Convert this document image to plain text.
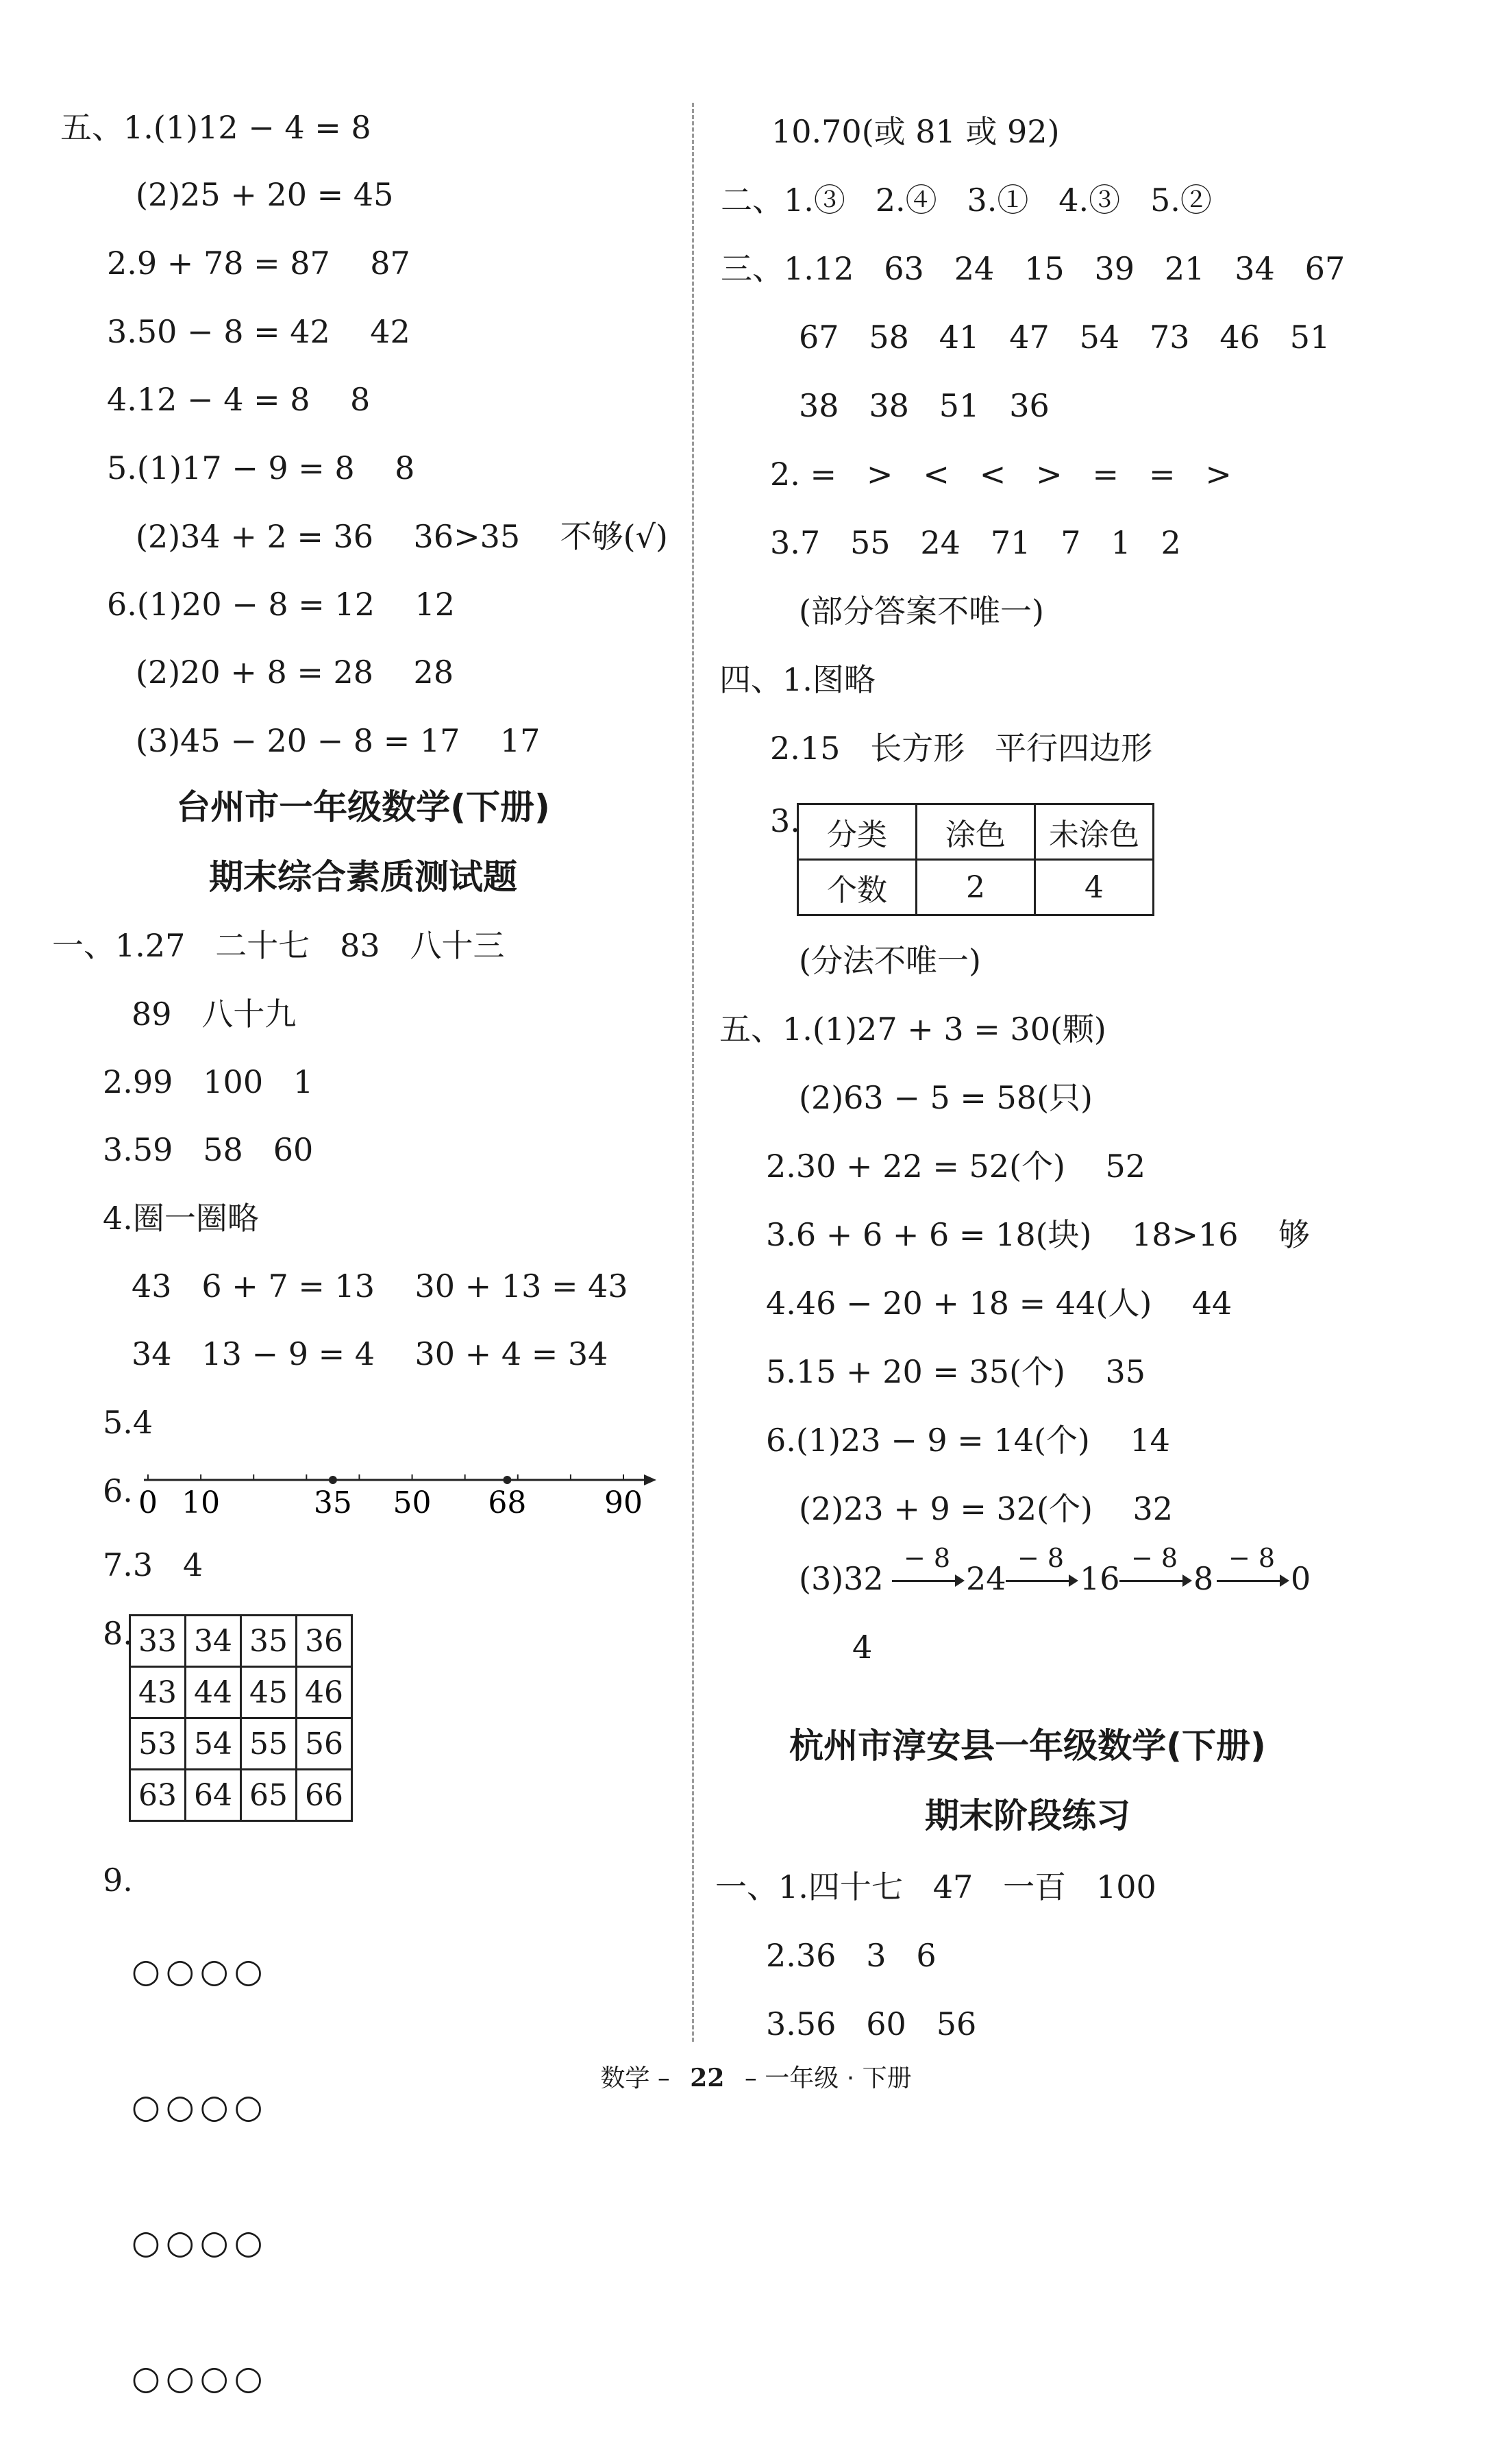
五、1.(1)12 − 4 = 8
(2)25 + 20 = 45
2.9 + 78 = 87    87
3.50 − 8 = 42    42
4.12 − 4 = 8    8
5.(1)17 − 9 = 8    8
(2)34 + 2 = 36    36>35    不够(√)
6.(1)20 − 8 = 12    12
(2)20 + 8 = 28    28
(3)45 − 20 − 8 = 17    17
台州市一年级数学(下册)
期末综合素质测试题
一、1.27   二十七   83   八十三
89   八十九
2.99   100   1
3.59   58   60
4.圈一圈略
43   6 + 7 = 13    30 + 13 = 43
34   13 − 9 = 4    30 + 4 = 34
5.4
6. 0 10	35 50 68	90
7.3   4
8. 33	34	35	36
43	44	45	46
53	54	55	56
63	64	65	66
9.

○○○○

○○○○

○○○○

○○○○

10.70(或 81 或 92)
二、1.③   2.④   3.①   4.③   5.②
三、1.12   63   24   15   39   21   34   67
67   58   41   47   54   73   46   51
38   38   51   36
2. =   >   <   <   >   =   =   >
3.7   55   24   71   7   1   2
(部分答案不唯一)
四、1.图略
2.15   长方形   平行四边形
3. 分类	涂色	未涂色
个数	2	4
(分法不唯一)
五、1.(1)27 + 3 = 30(颗)
(2)63 − 5 = 58(只)
2.30 + 22 = 52(个)    52
3.6 + 6 + 6 = 18(块)    18>16    够
4.46 − 20 + 18 = 44(人)    44
5.15 + 20 = 35(个)    35
6.(1)23 − 9 = 14(个)    14
(2)23 + 9 = 32(个)    32
(3)32
− 8
24
− 8
16
− 8
8
− 8
0
4
杭州市淳安县一年级数学(下册)
期末阶段练习
一、1.四十七   47   一百   100
2.36   3   6
3.56   60   56
数学 – 22 – 一年级 · 下册
